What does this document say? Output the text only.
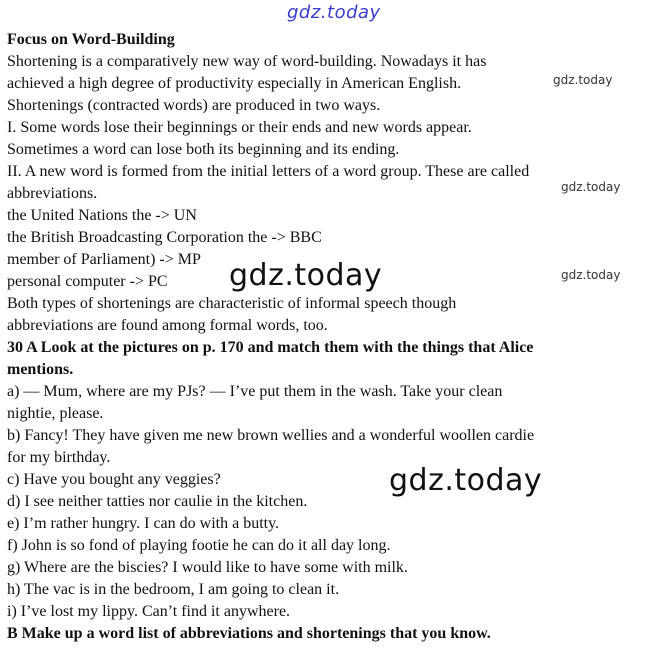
gdz.today
gdz.today
gdz.today
gdz.today
gdz.today
gdz.today
Focus on Word-Building
Shortening is a comparatively new way of word-building. Nowadays it has
achieved a high degree of productivity especially in American English.
Shortenings (contracted words) are produced in two ways.
I. Some words lose their beginnings or their ends and new words appear.
Sometimes a word can lose both its beginning and its ending.
II. A new word is formed from the initial letters of a word group. These are called
abbreviations.
the United Nations the -> UN
the British Broadcasting Corporation the -> BBC
member of Parliament) -> MP
personal computer -> PC
Both types of shortenings are characteristic of informal speech though
abbreviations are found among formal words, too.
30 A Look at the pictures on p. 170 and match them with the things that Alice
mentions.
a) — Mum, where are my PJs? — I’ve put them in the wash. Take your clean
nightie, please.
b) Fancy! They have given me new brown wellies and a wonderful woollen cardie
for my birthday.
c) Have you bought any veggies?
d) I see neither tatties nor caulie in the kitchen.
e) I’m rather hungry. I can do with a butty.
f) John is so fond of playing footie he can do it all day long.
g) Where are the biscies? I would like to have some with milk.
h) The vac is in the bedroom, I am going to clean it.
i) I’ve lost my lippy. Can’t find it anywhere.
B Make up a word list of abbreviations and shortenings that you know.
